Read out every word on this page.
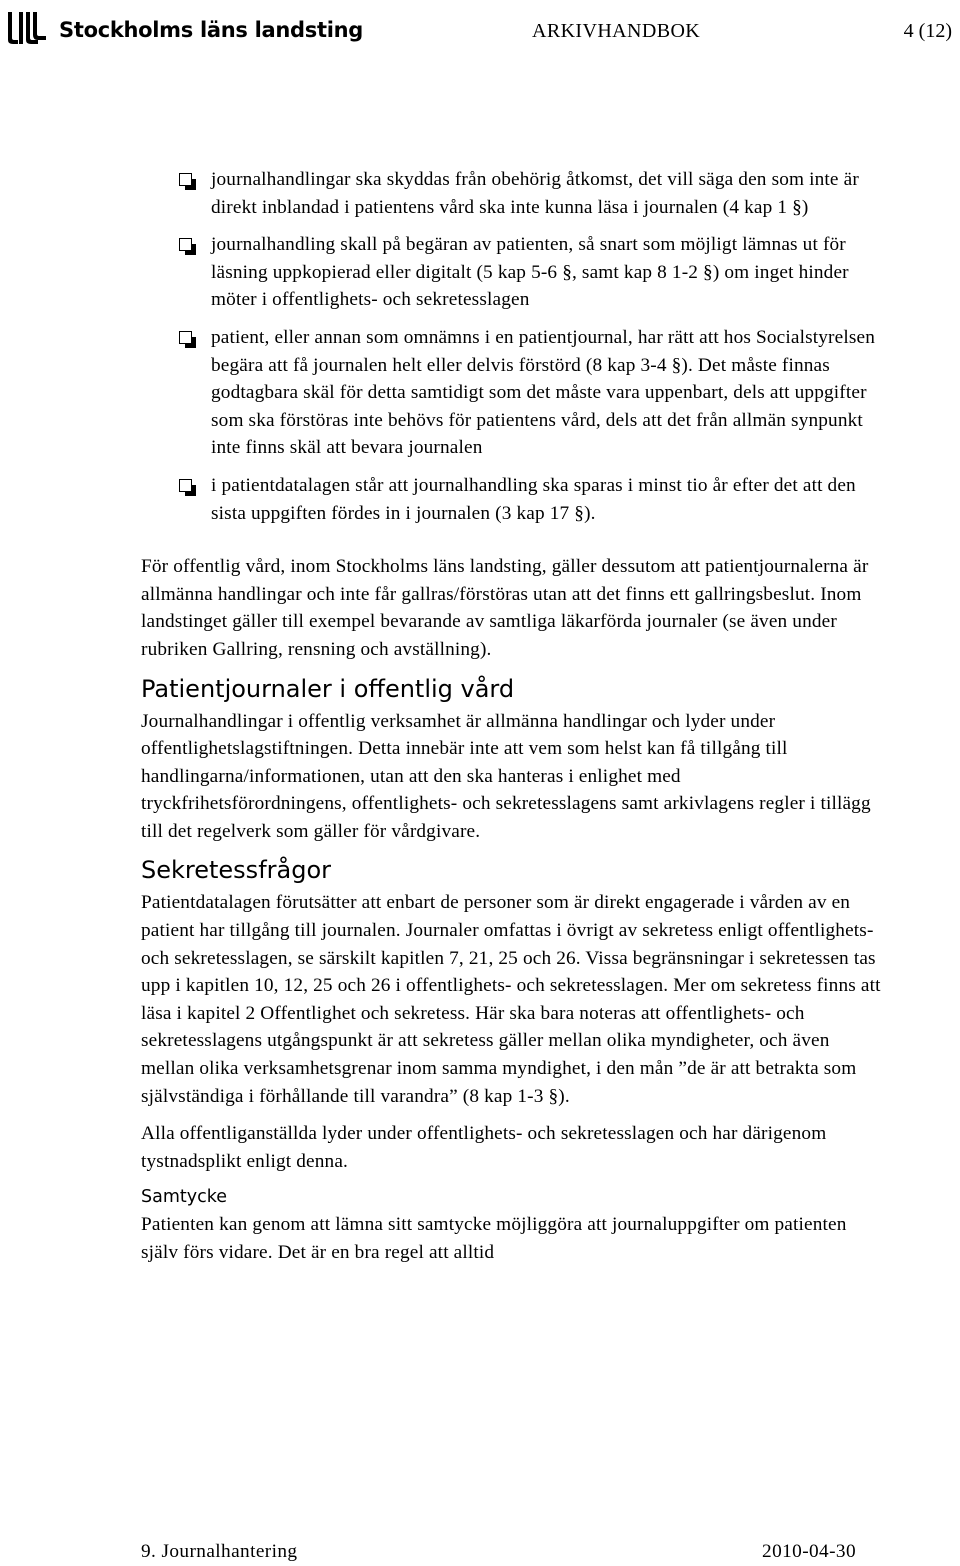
Stockholms läns landsting	ARKIVHANDBOK	4 (12)
journalhandlingar ska skyddas från obehörig åtkomst, det vill säga den som inte är direkt inblandad i patientens vård ska inte kunna läsa i journalen (4 kap 1 §)
journalhandling skall på begäran av patienten, så snart som möjligt lämnas ut för läsning uppkopierad eller digitalt (5 kap 5-6 §, samt kap 8 1-2 §) om inget hinder möter i offentlighets- och sekretesslagen
patient, eller annan som omnämns i en patientjournal, har rätt att hos Socialstyrelsen begära att få journalen helt eller delvis förstörd (8 kap 3-4 §). Det måste finnas godtagbara skäl för detta samtidigt som det måste vara uppenbart, dels att uppgifter som ska förstöras inte behövs för patientens vård, dels att det från allmän synpunkt inte finns skäl att bevara journalen
i patientdatalagen står att journalhandling ska sparas i minst tio år efter det att den sista uppgiften fördes in i journalen (3 kap 17 §).

För offentlig vård, inom Stockholms läns landsting, gäller dessutom att patientjournalerna är allmänna handlingar och inte får gallras/förstöras utan att det finns ett gallringsbeslut. Inom landstinget gäller till exempel bevarande av samtliga läkarförda journaler (se även under rubriken Gallring, rensning och avställning).

Patientjournaler i offentlig vård

Journalhandlingar i offentlig verksamhet är allmänna handlingar och lyder under offentlighetslagstiftningen. Detta innebär inte att vem som helst kan få tillgång till handlingarna/informationen, utan att den ska hanteras i enlighet med tryckfrihetsförordningens, offentlighets- och sekretesslagens samt arkivlagens regler i tillägg till det regelverk som gäller för vårdgivare.

Sekretessfrågor

Patientdatalagen förutsätter att enbart de personer som är direkt engagerade i vården av en patient har tillgång till journalen. Journaler omfattas i övrigt av sekretess enligt offentlighets- och sekretesslagen, se särskilt kapitlen 7, 21, 25 och 26. Vissa begränsningar i sekretessen tas upp i kapitlen 10, 12, 25 och 26 i offentlighets- och sekretesslagen. Mer om sekretess finns att läsa i kapitel 2 Offentlighet och sekretess. Här ska bara noteras att offentlighets- och sekretesslagens utgångspunkt är att sekretess gäller mellan olika myndigheter, och även mellan olika verksamhetsgrenar inom samma myndighet, i den mån ”de är att betrakta som självständiga i förhållande till varandra” (8 kap 1-3 §).

Alla offentliganställda lyder under offentlighets- och sekretesslagen och har därigenom tystnadsplikt enligt denna.

Samtycke

Patienten kan genom att lämna sitt samtycke möjliggöra att journaluppgifter om patienten själv förs vidare. Det är en bra regel att alltid

9. Journalhantering	2010-04-30
